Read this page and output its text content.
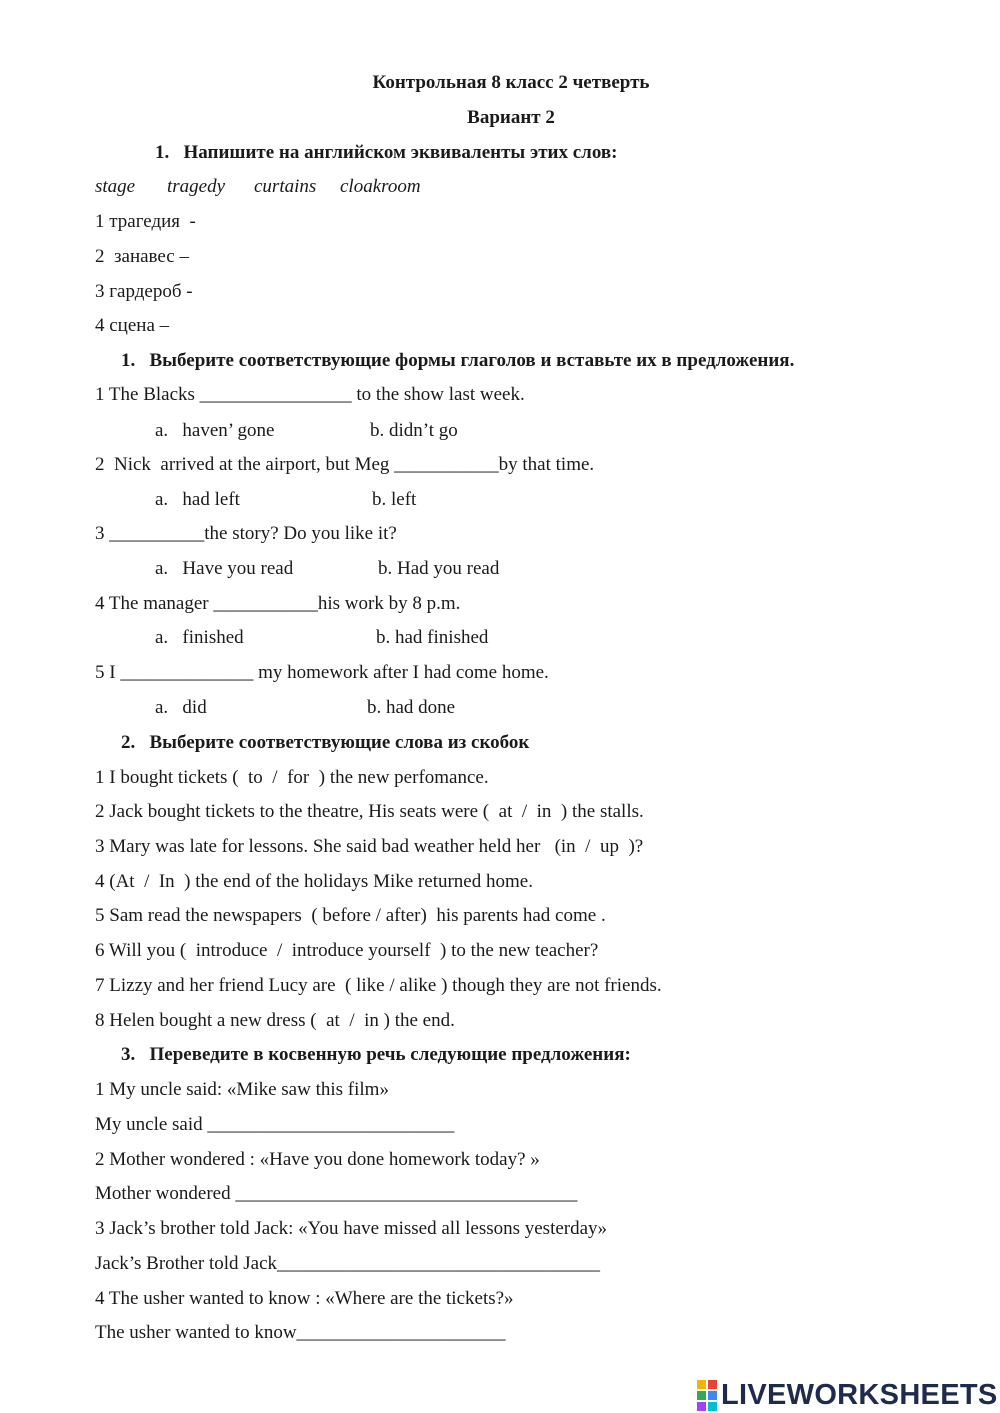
Контрольная 8 класс 2 четверть
Вариант 2
1.   Напишите на английском эквиваленты этих слов:
stage tragedy curtains cloakroom
1 трагедия  -
2  занавес –
3 гардероб -
4 сцена –
1.   Выберите соответствующие формы глаголов и вставьте их в предложения.
1 The Blacks ________________ to the show last week.
a.   haven’ gone	b. didn’t go
2  Nick  arrived at the airport, but Meg ___________by that time.
a.   had left	b. left
3 __________the story? Do you like it?
a.   Have you read	b. Had you read
4 The manager ___________his work by 8 p.m.
a.   finished	b. had finished
5 I ______________ my homework after I had come home.
a.   did	b. had done
2.   Выберите соответствующие слова из скобок
1 I bought tickets (  to  /  for  ) the new perfomance.
2 Jack bought tickets to the theatre, His seats were (  at  /  in  ) the stalls.
3 Mary was late for lessons. She said bad weather held her   (in  /  up  )?
4 (At  /  In  ) the end of the holidays Mike returned home.
5 Sam read the newspapers  ( before / after)  his parents had come .
6 Will you (  introduce  /  introduce yourself  ) to the new teacher?
7 Lizzy and her friend Lucy are  ( like / alike ) though they are not friends.
8 Helen bought a new dress (  at  /  in ) the end.
3.   Переведите в косвенную речь следующие предложения:
1 My uncle said: «Mike saw this film»
My uncle said __________________________
2 Mother wondered : «Have you done homework today? »
Mother wondered ____________________________________
3 Jack’s brother told Jack: «You have missed all lessons yesterday»
Jack’s Brother told Jack__________________________________
4 The usher wanted to know : «Where are the tickets?»
The usher wanted to know______________________
LIVEWORKSHEETS
